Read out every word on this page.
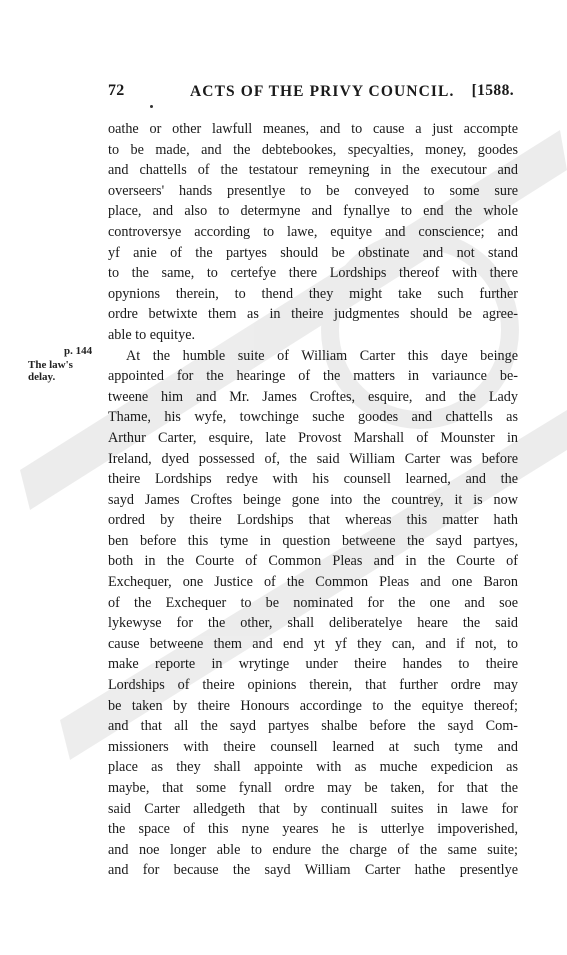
72	ACTS OF THE PRIVY COUNCIL. [1588.
p. 144
The law's
delay.
oathe or other lawfull meanes, and to cause a just accompte
to be made, and the debtebookes, specyalties, money, goodes
and chattells of the testatour remeyning in the executour and
overseers' hands presentlye to be conveyed to some sure
place, and also to determyne and fynallye to end the whole
controversye according to lawe, equitye and conscience; and
yf anie of the partyes should be obstinate and not stand
to the same, to certefye there Lordships thereof with there
opynions therein, to thend they might take such further
ordre betwixte them as in theire judgmentes should be agree-
able to equitye.
At the humble suite of William Carter this daye beinge
appointed for the hearinge of the matters in variaunce be-
tweene him and Mr. James Croftes, esquire, and the Lady
Thame, his wyfe, towchinge suche goodes and chattells as
Arthur Carter, esquire, late Provost Marshall of Mounster in
Ireland, dyed possessed of, the said William Carter was before
theire Lordships redye with his counsell learned, and the
sayd James Croftes beinge gone into the countrey, it is now
ordred by theire Lordships that whereas this matter hath
ben before this tyme in question betweene the sayd partyes,
both in the Courte of Common Pleas and in the Courte of
Exchequer, one Justice of the Common Pleas and one Baron
of the Exchequer to be nominated for the one and soe
lykewyse for the other, shall deliberatelye heare the said
cause betweene them and end yt yf they can, and if not, to
make reporte in wrytinge under theire handes to theire
Lordships of theire opinions therein, that further ordre may
be taken by theire Honours accordinge to the equitye thereof;
and that all the sayd partyes shalbe before the sayd Com-
missioners with theire counsell learned at such tyme and
place as they shall appointe with as muche expedicion as
maybe, that some fynall ordre may be taken, for that the
said Carter alledgeth that by continuall suites in lawe for
the space of this nyne yeares he is utterlye impoverished,
and noe longer able to endure the charge of the same suite;
and for because the sayd William Carter hathe presentlye
